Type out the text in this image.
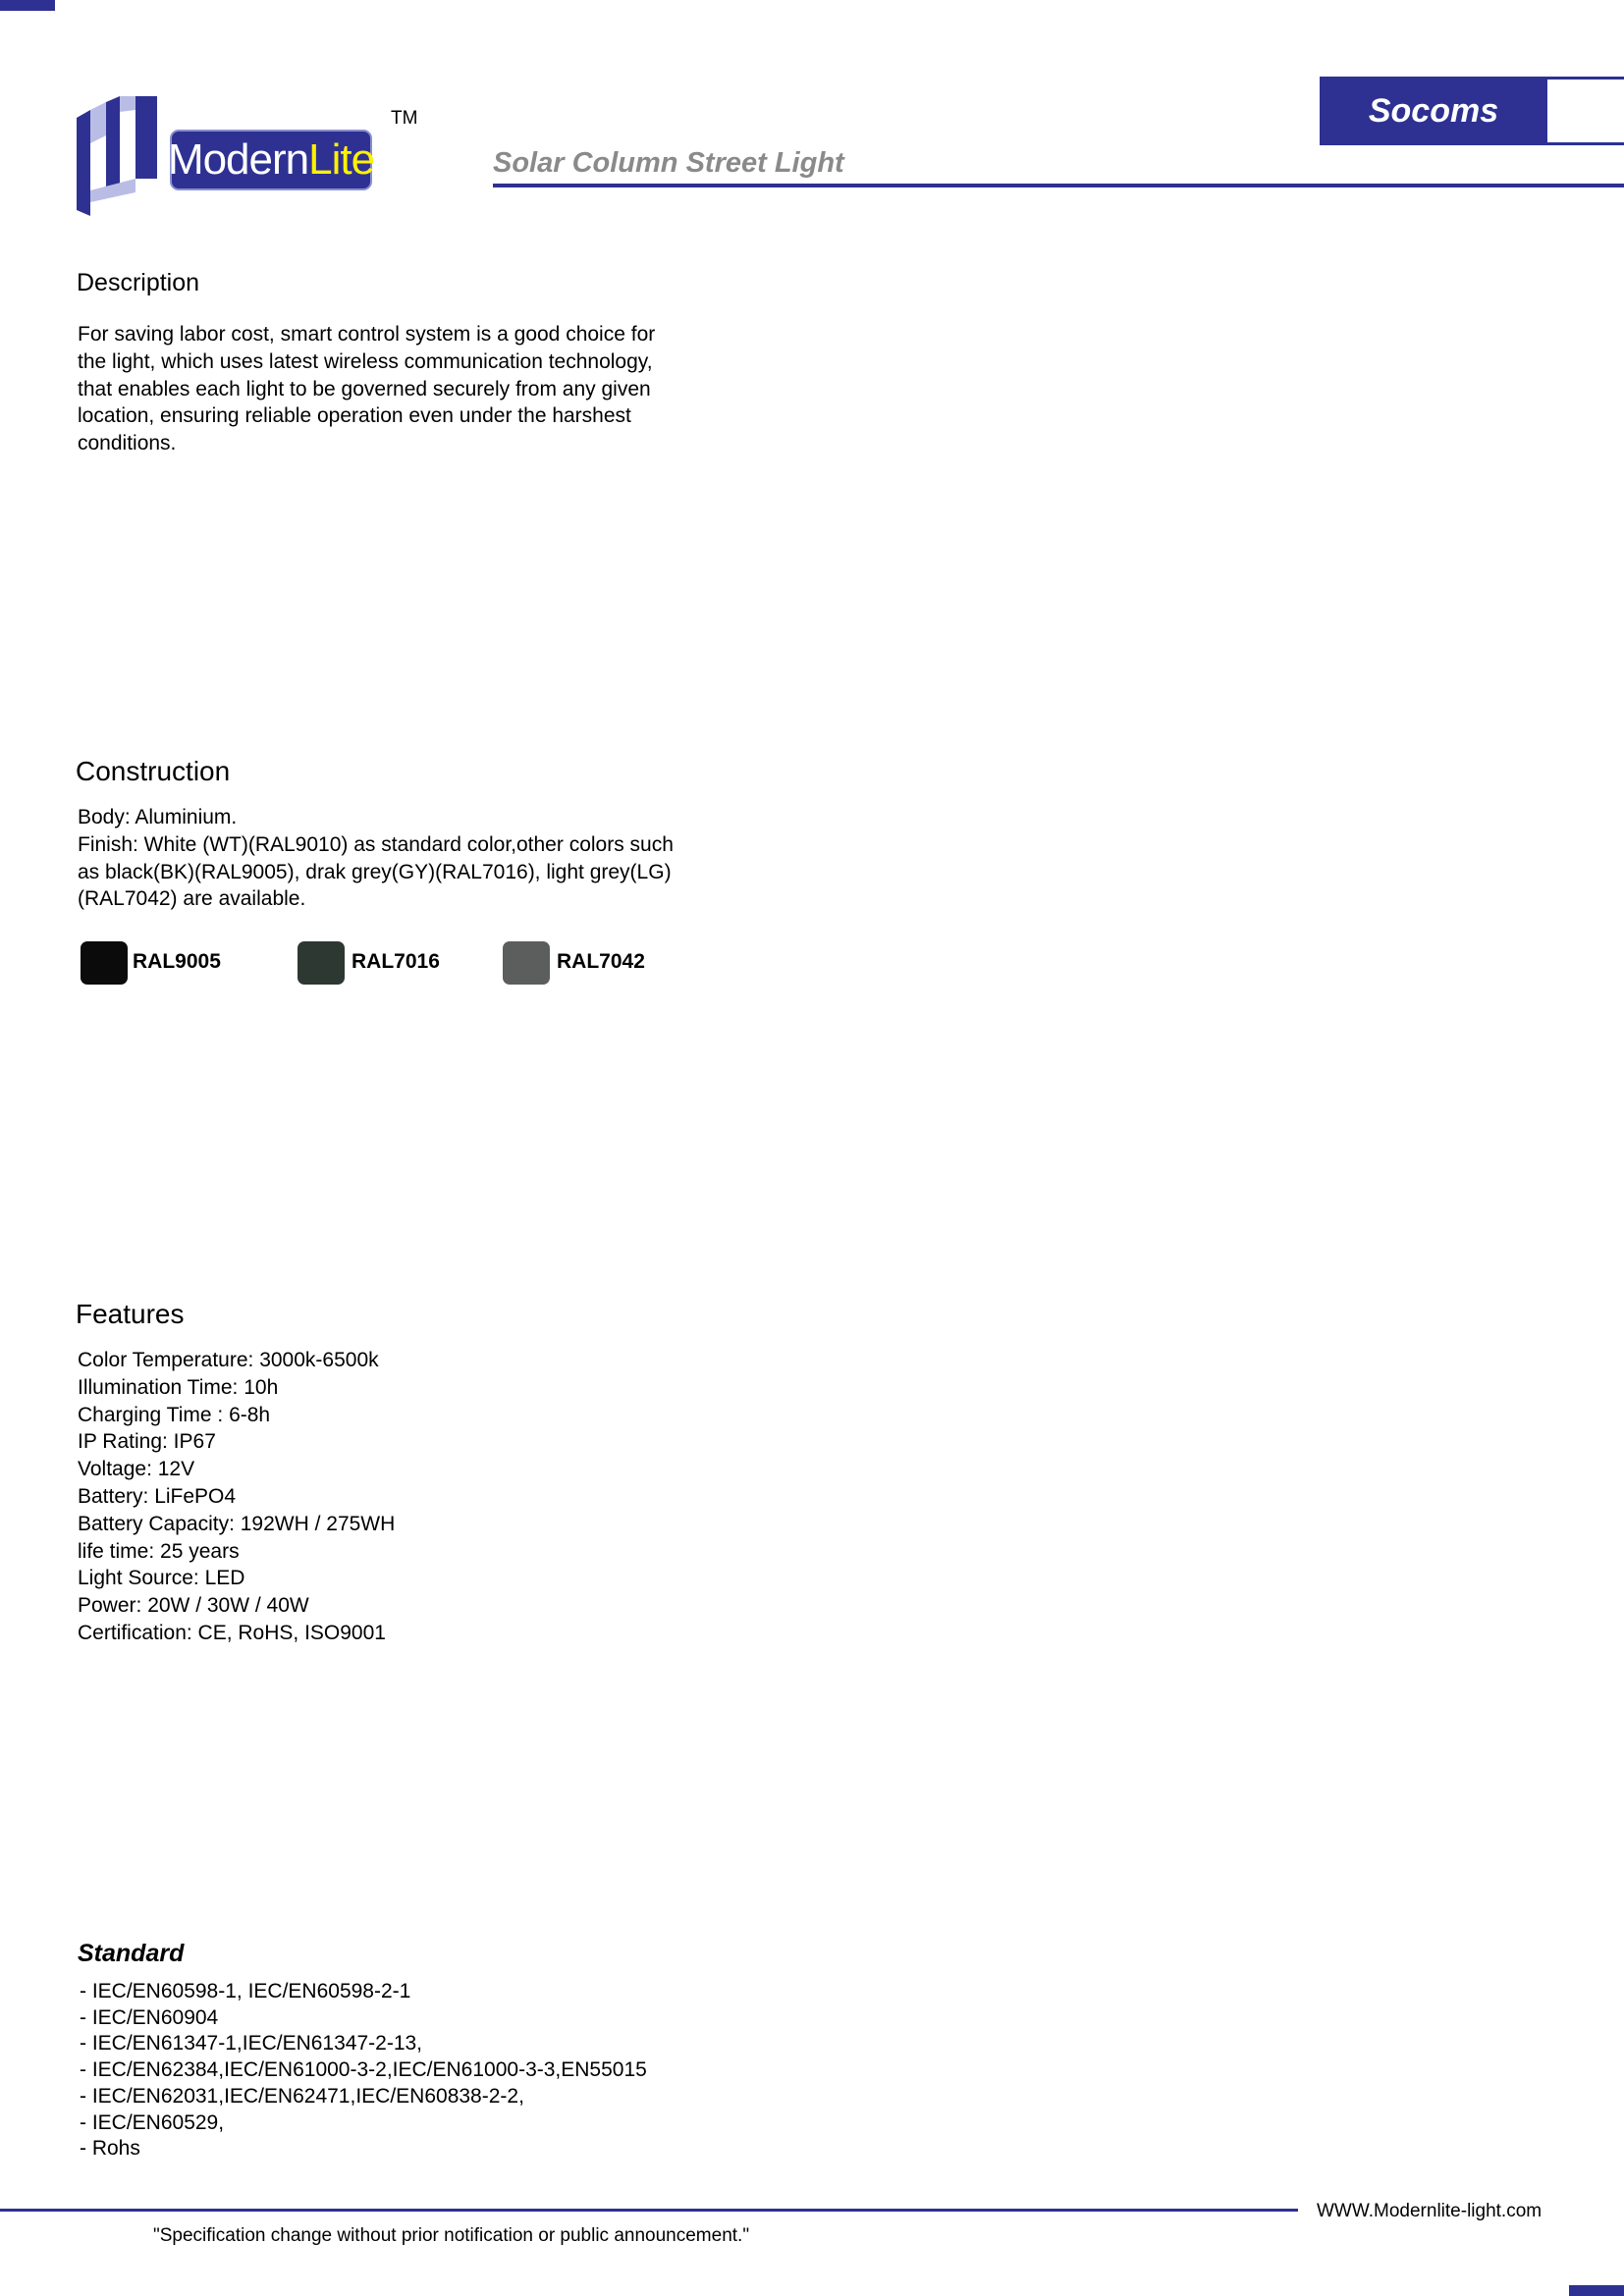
Modern Lite
TM	Socoms
Solar Column Street Light
Description
For saving labor cost, smart control system is a good choice for
the light, which uses latest wireless communication technology,
that enables each light to be governed securely from any given
location, ensuring reliable operation even under the harshest
conditions.
Construction
Body: Aluminium.
Finish: White (WT)(RAL9010) as standard color,other colors such
as black(BK)(RAL9005), drak grey(GY)(RAL7016), light grey(LG)
(RAL7042) are available.
RAL9005	RAL7016	RAL7042
Features
Color Temperature: 3000k-6500k
Illumination Time: 10h
Charging Time : 6-8h
IP Rating: IP67
Voltage: 12V
Battery: LiFePO4
Battery Capacity: 192WH / 275WH
life time: 25 years
Light Source: LED
Power: 20W / 30W / 40W
Certification: CE, RoHS, ISO9001
Standard
- IEC/EN60598-1, IEC/EN60598-2-1
- IEC/EN60904
- IEC/EN61347-1,IEC/EN61347-2-13,
- IEC/EN62384,IEC/EN61000-3-2,IEC/EN61000-3-3,EN55015
- IEC/EN62031,IEC/EN62471,IEC/EN60838-2-2,
- IEC/EN60529,
- Rohs
WWW.Modernlite-light.com
"Specification change without prior notification or public announcement."
